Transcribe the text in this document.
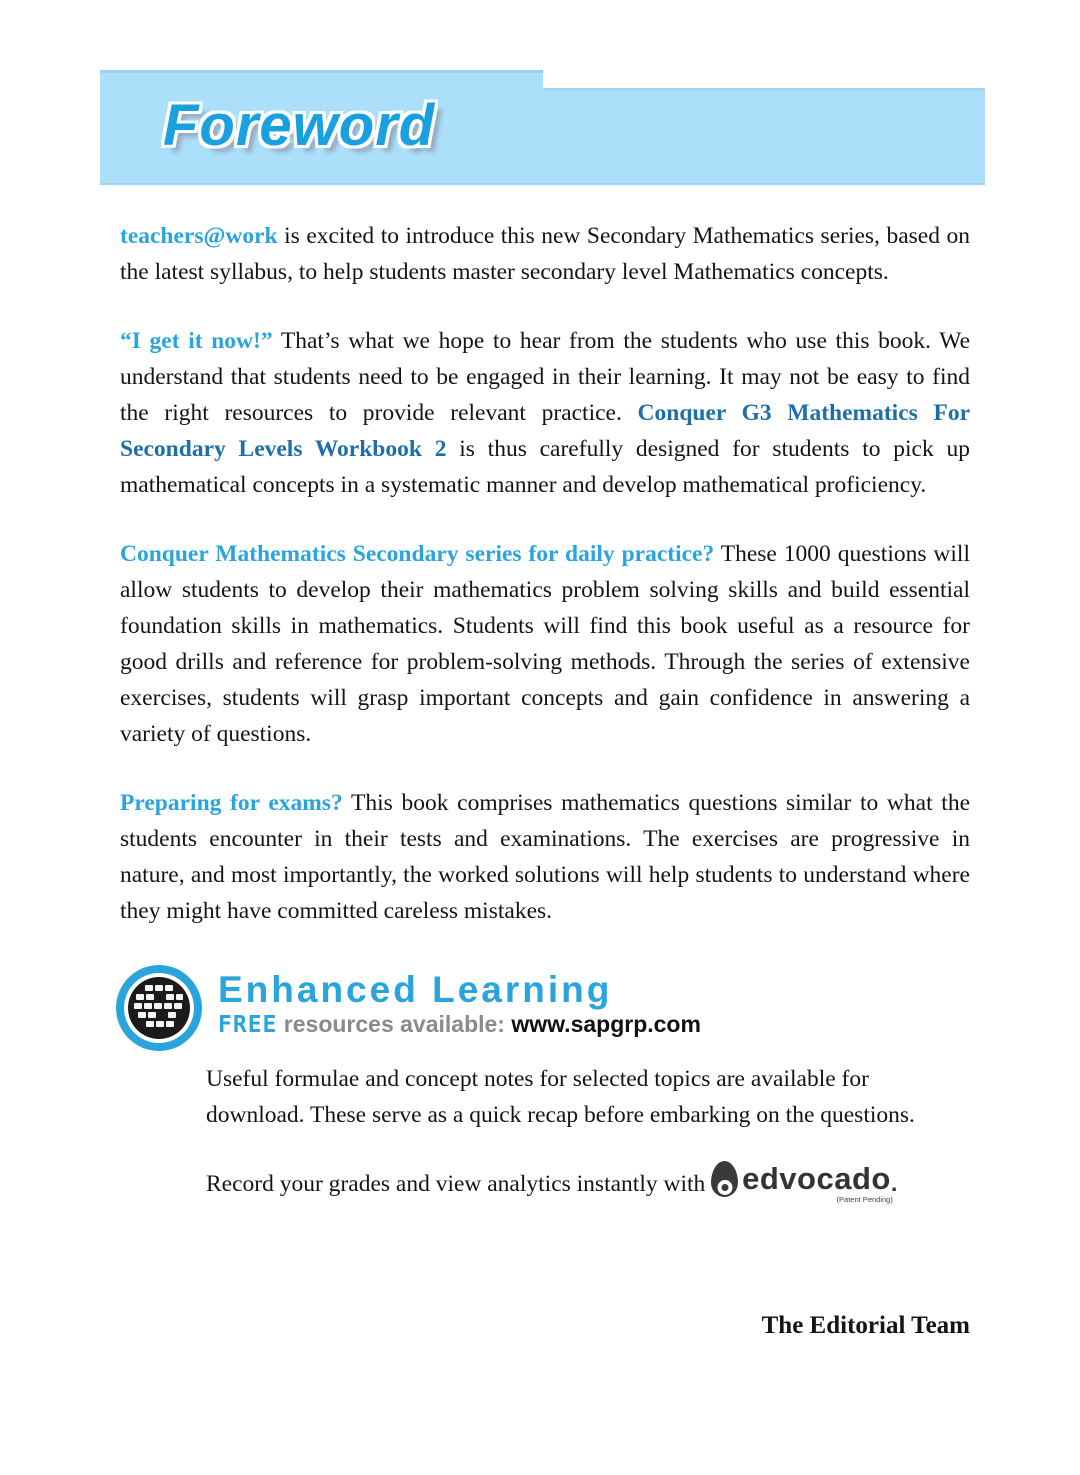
Foreword

teachers@work is excited to introduce this new Secondary Mathematics series, based on the latest syllabus, to help students master secondary level Mathematics concepts.

“I get it now!” That’s what we hope to hear from the students who use this book. We understand that students need to be engaged in their learning. It may not be easy to find the right resources to provide relevant practice. Conquer G3 Mathematics For Secondary Levels Workbook 2 is thus carefully designed for students to pick up mathematical concepts in a systematic manner and develop mathematical proficiency.

Conquer Mathematics Secondary series for daily practice? These 1000 questions will allow students to develop their mathematics problem solving skills and build essential foundation skills in mathematics. Students will find this book useful as a resource for good drills and reference for problem-solving methods. Through the series of extensive exercises, students will grasp important concepts and gain confidence in answering a variety of questions.

Preparing for exams? This book comprises mathematics questions similar to what the students encounter in their tests and examinations. The exercises are progressive in nature, and most importantly, the worked solutions will help students to understand where they might have committed careless mistakes.

Enhanced Learning
FREE resources available: www.sapgrp.com

Useful formulae and concept notes for selected topics are available for download. These serve as a quick recap before embarking on the questions.

Record your grades and view analytics instantly with edvocado
(Patent Pending)
.

The Editorial Team
